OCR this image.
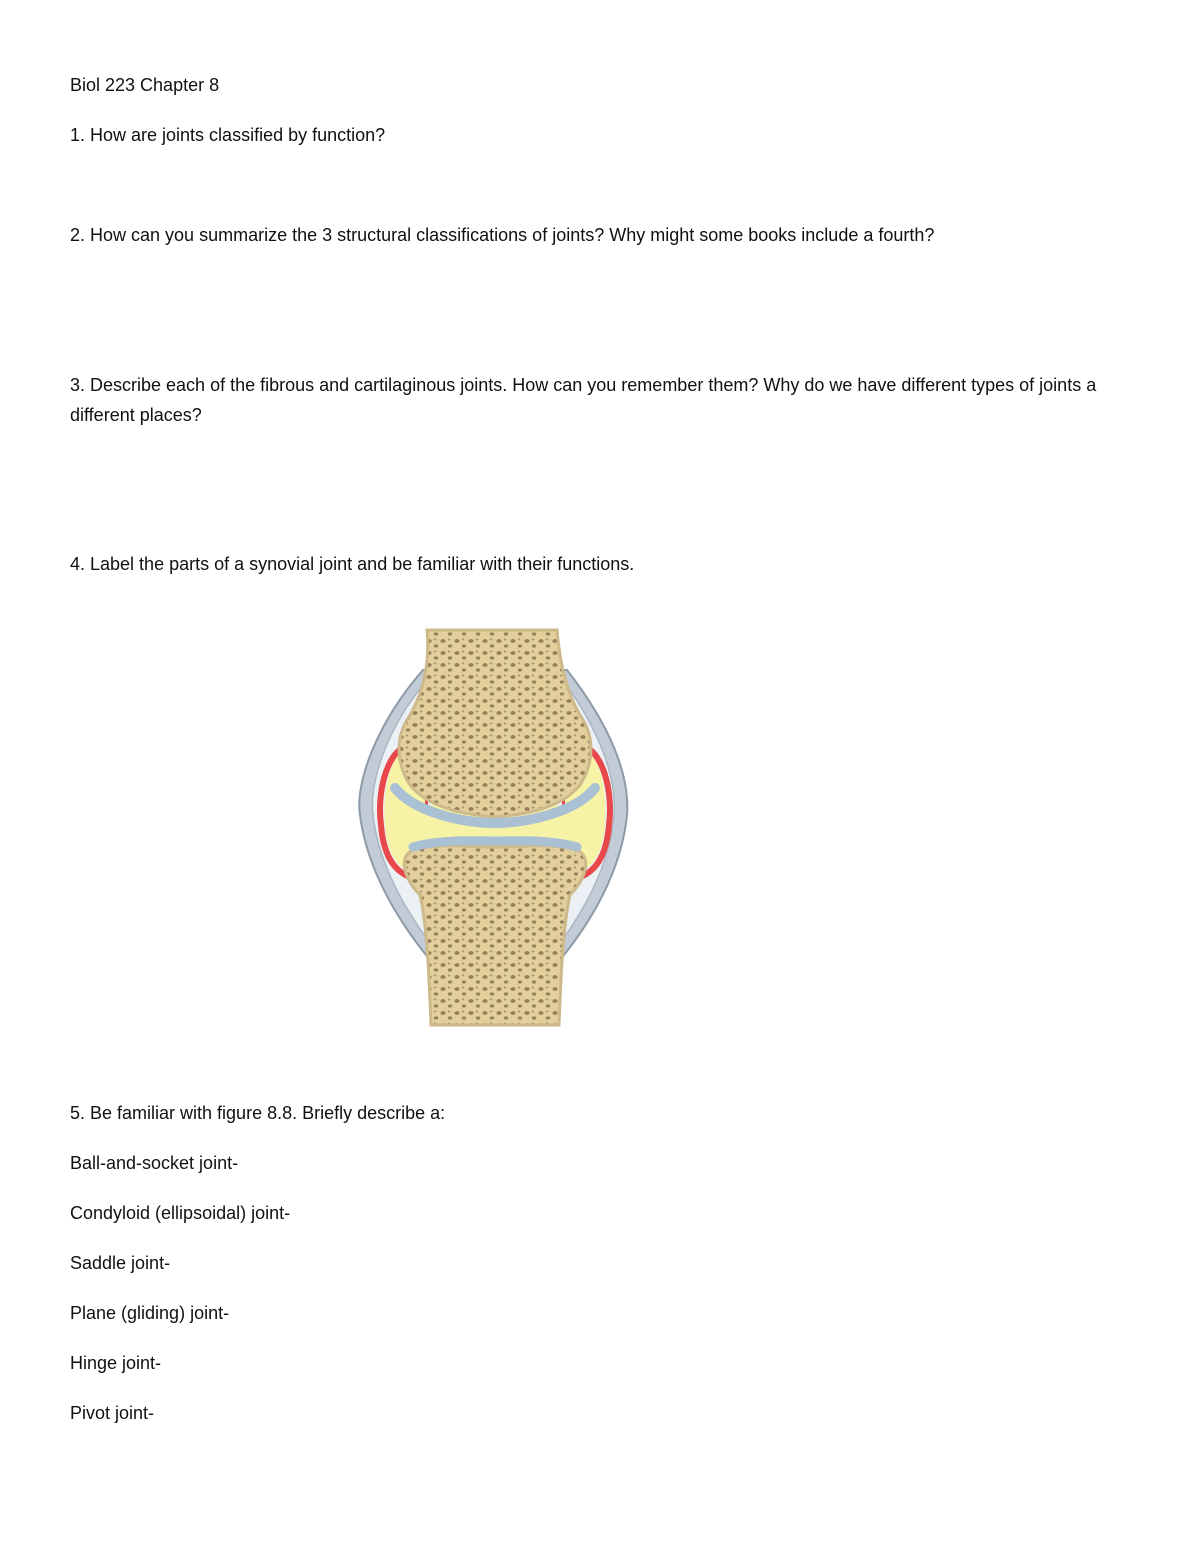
Biol 223 Chapter 8
1. How are joints classified by function?
2. How can you summarize the 3 structural classifications of joints? Why might some books include a fourth?
3. Describe each of the fibrous and cartilaginous joints. How can you remember them? Why do we have different types of joints a different places?
4. Label the parts of a synovial joint and be familiar with their functions.
5. Be familiar with figure 8.8. Briefly describe a:
Ball-and-socket joint-
Condyloid (ellipsoidal) joint-
Saddle joint-
Plane (gliding) joint-
Hinge joint-
Pivot joint-
